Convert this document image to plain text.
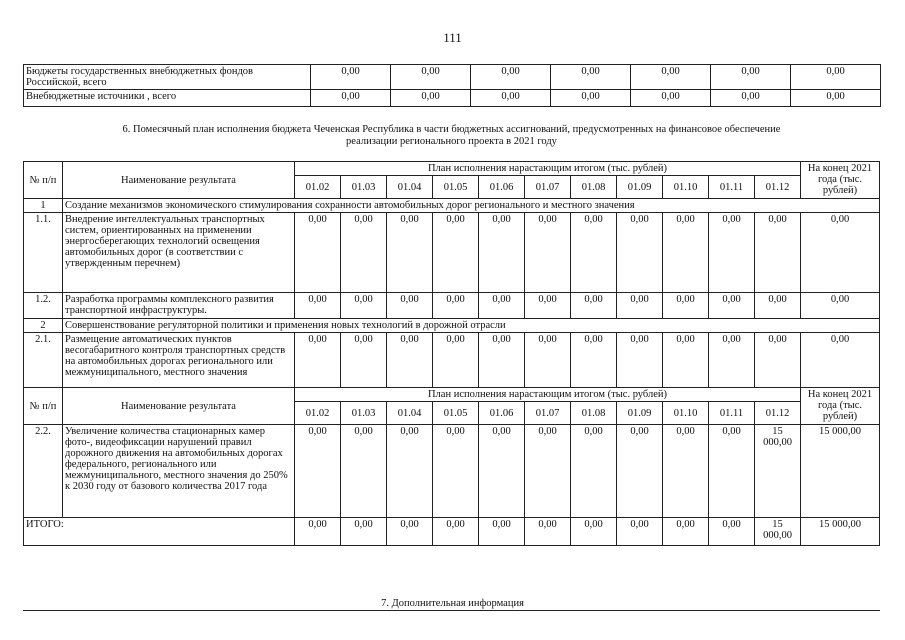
111
Бюджеты государственных внебюджетных фондов Российской, всего	0,00	0,00	0,00	0,00	0,00	0,00	0,00
Внебюджетные источники , всего	0,00	0,00	0,00	0,00	0,00	0,00	0,00
6. Помесячный план исполнения бюджета Чеченская Республика в части бюджетных ассигнований, предусмотренных на финансовое обеспечение
реализации регионального проекта в 2021 году
№ п/п	Наименование результата	План исполнения нарастающим итогом (тыс. рублей)											На конец 2021 года (тыс. рублей)
		01.02	01.03	01.04	01.05	01.06	01.07	01.08	01.09	01.10	01.11	01.12	
1	Создание механизмов экономического стимулирования сохранности автомобильных дорог регионального и местного значения												
1.1.	Внедрение интеллектуальных транспортных систем, ориентированных на применении энергосберегающих технологий освещения автомобильных дорог (в соответствии с утвержденным перечнем)	0,00	0,00	0,00	0,00	0,00	0,00	0,00	0,00	0,00	0,00	0,00	0,00
1.2.	Разработка программы комплексного развития транспортной инфраструктуры.	0,00	0,00	0,00	0,00	0,00	0,00	0,00	0,00	0,00	0,00	0,00	0,00
2	Совершенствование регуляторной политики и применения новых технологий в дорожной отрасли												
2.1.	Размещение автоматических пунктов весогабаритного контроля транспортных средств на автомобильных дорогах регионального или межмуниципального, местного значения	0,00	0,00	0,00	0,00	0,00	0,00	0,00	0,00	0,00	0,00	0,00	0,00
№ п/п	Наименование результата	План исполнения нарастающим итогом (тыс. рублей)											На конец 2021 года (тыс. рублей)
		01.02	01.03	01.04	01.05	01.06	01.07	01.08	01.09	01.10	01.11	01.12	
2.2.	Увеличение количества стационарных камер фото-, видеофиксации нарушений правил дорожного движения на автомобильных дорогах федерального, регионального или межмуниципального, местного значения до 250% к 2030 году от базового количества 2017 года	0,00	0,00	0,00	0,00	0,00	0,00	0,00	0,00	0,00	0,00	15 000,00	15 000,00
ИТОГО:		0,00	0,00	0,00	0,00	0,00	0,00	0,00	0,00	0,00	0,00	15 000,00	15 000,00
7. Дополнительная информация
